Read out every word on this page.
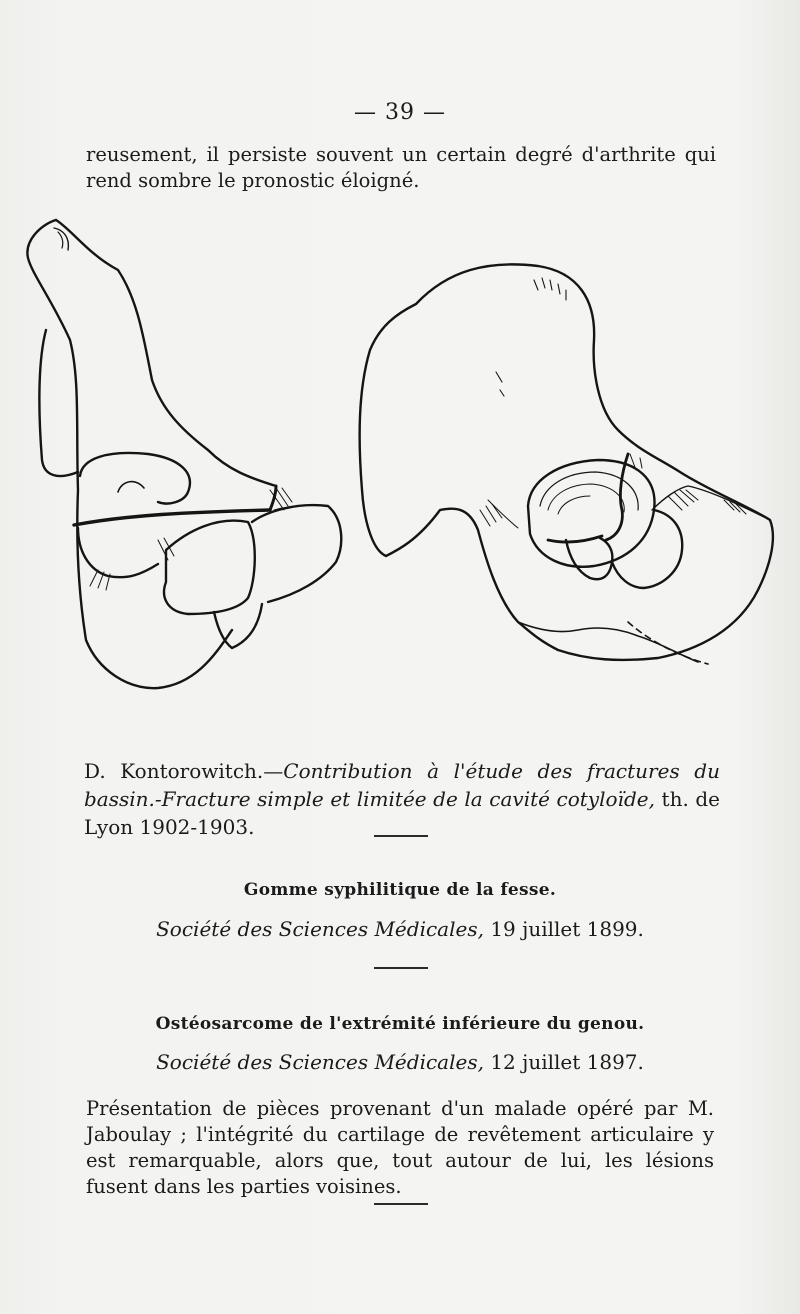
— 39 —
reusement, il persiste souvent un certain degré d'arthrite qui rend sombre le pronostic éloigné.
D. Kontorowitch.—Contribution à l'étude des fractures du bassin.-Fracture simple et limitée de la cavité cotyloïde, th. de Lyon 1902-1903.
Gomme syphilitique de la fesse.
Société des Sciences Médicales, 19 juillet 1899.
Ostéosarcome de l'extrémité inférieure du genou.
Société des Sciences Médicales, 12 juillet 1897.
Présentation de pièces provenant d'un malade opéré par M. Jaboulay ; l'intégrité du cartilage de revêtement articulaire y est remarquable, alors que, tout autour de lui, les lésions fusent dans les parties voisines.
